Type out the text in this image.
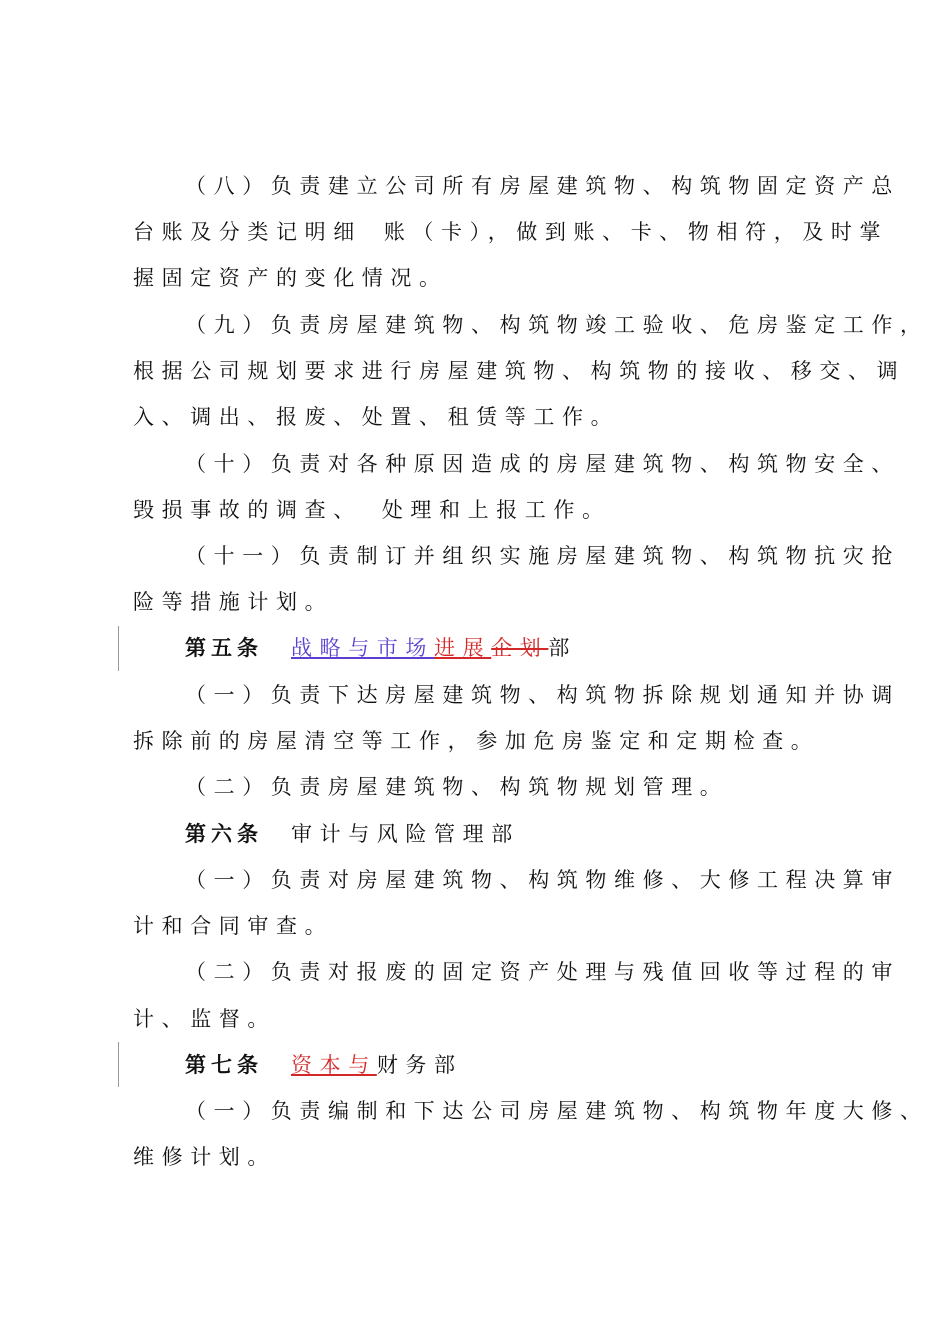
（八）负责建立公司所有房屋建筑物、构筑物固定资产总
台账及分类记明细 账（卡），做到账、卡、物相符，及时掌
握固定资产的变化情况。
（九）负责房屋建筑物、构筑物竣工验收、危房鉴定工作，
根据公司规划要求进行房屋建筑物、构筑物的接收、移交、调
入、调出、报废、处置、租赁等工作。
（十）负责对各种原因造成的房屋建筑物、构筑物安全、
毁损事故的调查、 处理和上报工作。
（十一）负责制订并组织实施房屋建筑物、构筑物抗灾抢
险等措施计划。
第五条 战略与市场进展企划部
（一）负责下达房屋建筑物、构筑物拆除规划通知并协调
拆除前的房屋清空等工作，参加危房鉴定和定期检查。
（二）负责房屋建筑物、构筑物规划管理。
第六条 审计与风险管理部
（一）负责对房屋建筑物、构筑物维修、大修工程决算审
计和合同审查。
（二）负责对报废的固定资产处理与残值回收等过程的审
计、监督。
第七条 资本与财务部
（一）负责编制和下达公司房屋建筑物、构筑物年度大修、
维修计划。
